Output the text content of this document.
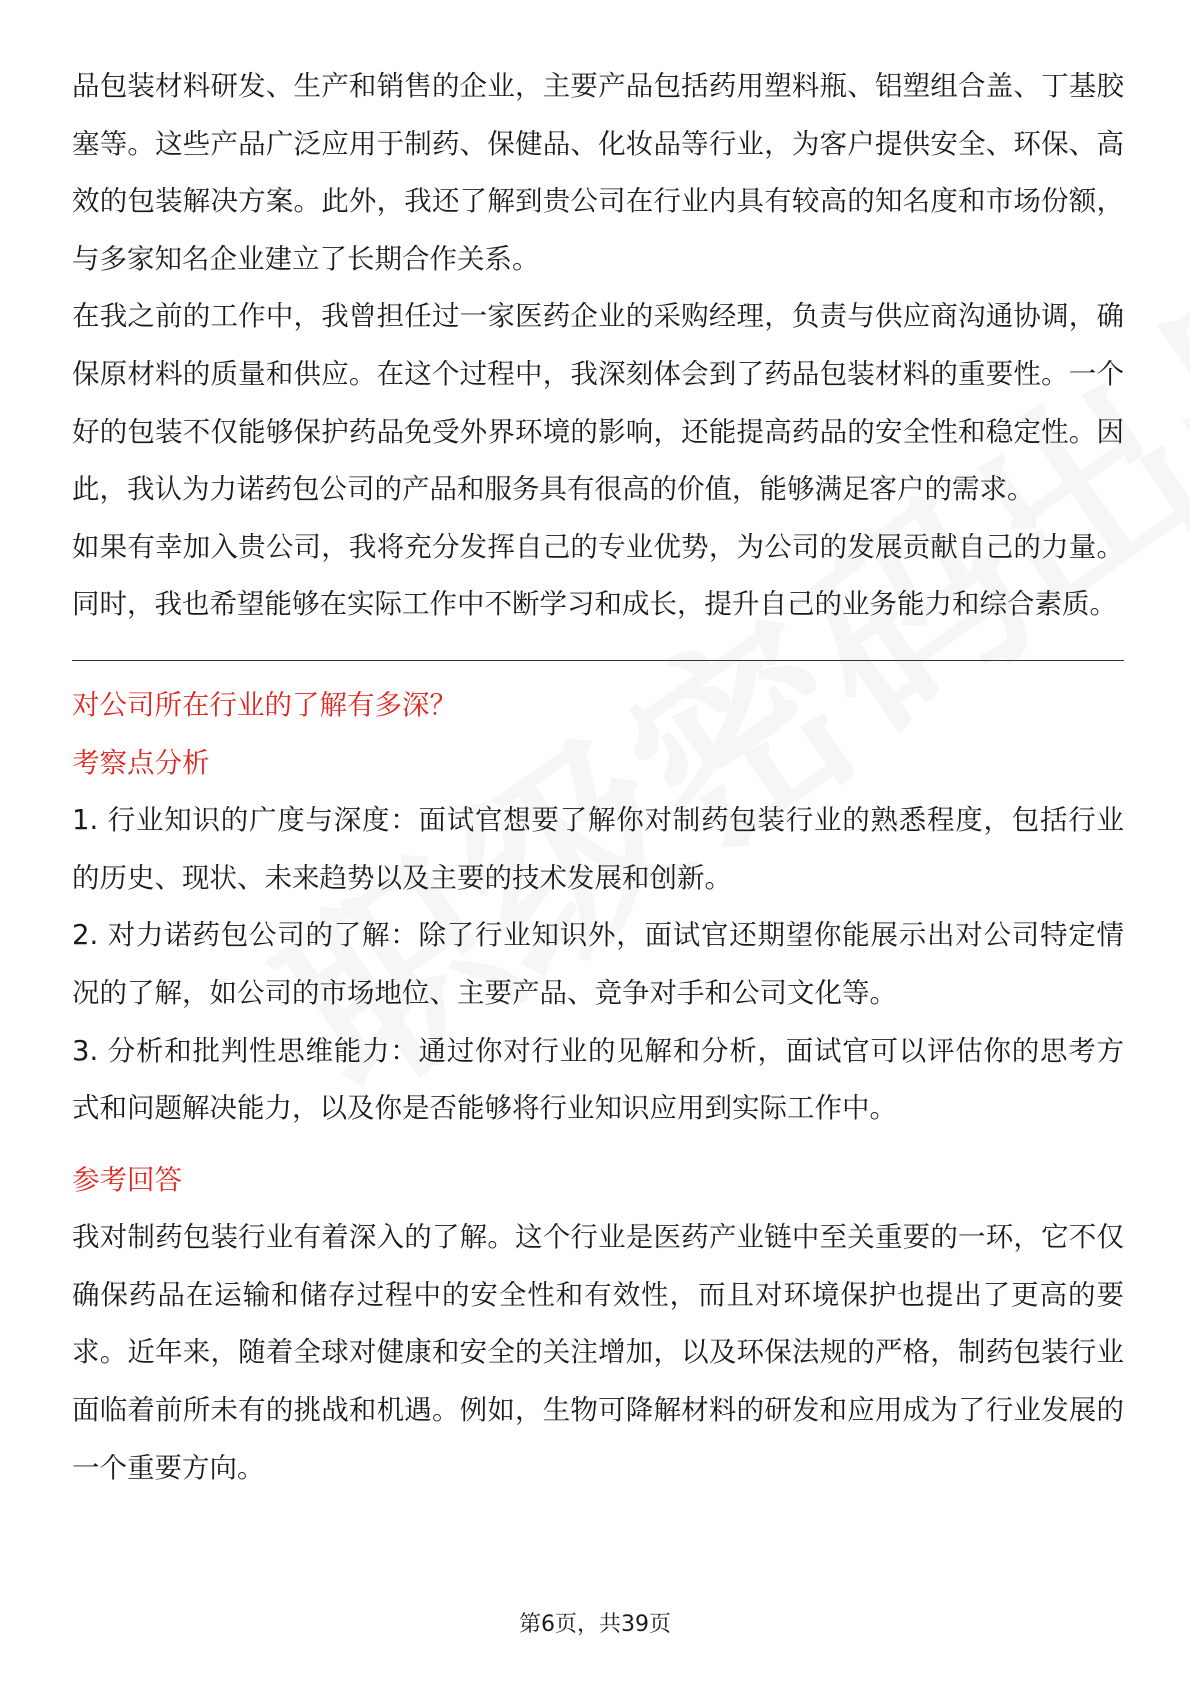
品包装材料研发、生产和销售的企业，主要产品包括药用塑料瓶、铝塑组合盖、丁基胶塞等。这些产品广泛应用于制药、保健品、化妆品等行业，为客户提供安全、环保、高效的包装解决方案。此外，我还了解到贵公司在行业内具有较高的知名度和市场份额，与多家知名企业建立了长期合作关系。

在我之前的工作中，我曾担任过一家医药企业的采购经理，负责与供应商沟通协调，确保原材料的质量和供应。在这个过程中，我深刻体会到了药品包装材料的重要性。一个好的包装不仅能够保护药品免受外界环境的影响，还能提高药品的安全性和稳定性。因此，我认为力诺药包公司的产品和服务具有很高的价值，能够满足客户的需求。

如果有幸加入贵公司，我将充分发挥自己的专业优势，为公司的发展贡献自己的力量。同时，我也希望能够在实际工作中不断学习和成长，提升自己的业务能力和综合素质。

对公司所在行业的了解有多深？

考察点分析

1. 行业知识的广度与深度：面试官想要了解你对制药包装行业的熟悉程度，包括行业的历史、现状、未来趋势以及主要的技术发展和创新。

2. 对力诺药包公司的了解：除了行业知识外，面试官还期望你能展示出对公司特定情况的了解，如公司的市场地位、主要产品、竞争对手和公司文化等。

3. 分析和批判性思维能力：通过你对行业的见解和分析，面试官可以评估你的思考方式和问题解决能力，以及你是否能够将行业知识应用到实际工作中。

参考回答

我对制药包装行业有着深入的了解。这个行业是医药产业链中至关重要的一环，它不仅确保药品在运输和储存过程中的安全性和有效性，而且对环境保护也提出了更高的要求。近年来，随着全球对健康和安全的关注增加，以及环保法规的严格，制药包装行业面临着前所未有的挑战和机遇。例如，生物可降解材料的研发和应用成为了行业发展的一个重要方向。

第6页，共39页
